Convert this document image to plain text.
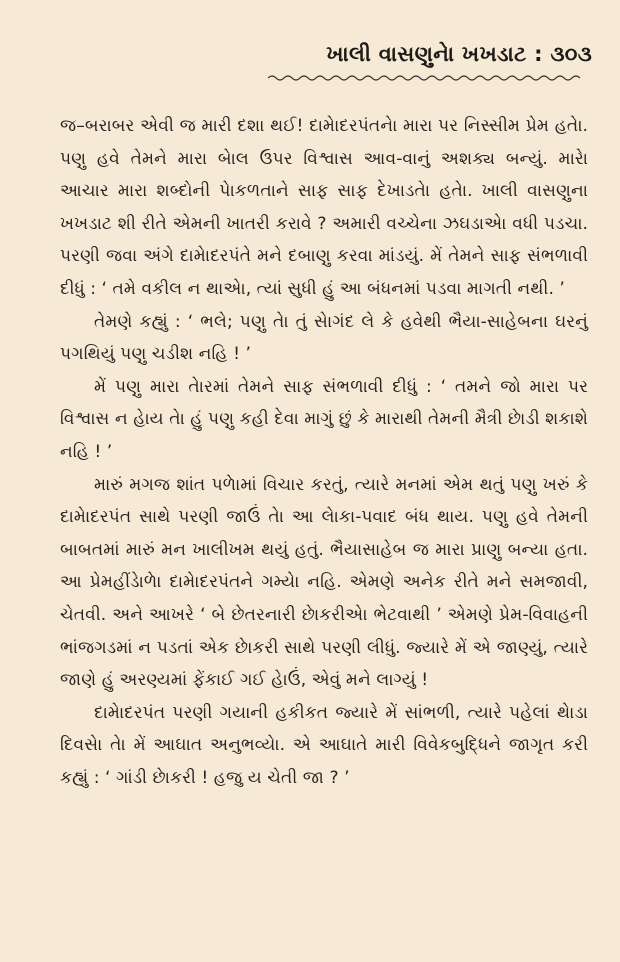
ખાલી વાસણુનેા ખખડાટ : ૩૦૩

જ–બરાબર એવી જ મારી દશા થઈ! દામેાદરપંતનેા મારા પર નિસ્સીમ પ્રેમ હતેા. પણુ હવે તેમને મારા બેાલ ઉપર વિશ્વાસ આવ-વાનું અશક્ય બન્યું. મારેા આચાર મારા શબ્દોની પેાકળતાને સાફ સાફ દેખાડતેા હતેા. ખાલી વાસણુના ખખડાટ શી રીતે એમની ખાતરી કરાવે ? અમારી વચ્ચેના ઝઘડાએા વધી પડચા. પરણી જવા અંગે દામેાદરપંતે મને દબાણુ કરવા માંડયું. મેં તેમને સાફ સંભળાવી દીધું : ‘ તમે વકીલ ન થાએા, ત્યાં સુધી હું આ બંધનમાં પડવા માગતી નથી. ’

તેમણે કહ્યું : ‘ ભલે; પણુ તેા તું સેાગંદ લે કે હવેથી ભૈયા-સાહેબના ઘરનું પગથિયું પણુ ચડીશ નહિ ! ’

મેં પણુ મારા તેારમાં તેમને સાફ સંભળાવી દીધું : ‘ તમને જો મારા પર વિશ્વાસ ન હેાય તેા હું પણુ કહી દેવા માગું છું કે મારાથી તેમની મૈત્રી છેાડી શકાશે નહિ ! ’

મારું મગજ શાંત પળેામાં વિચાર કરતું, ત્યારે મનમાં એમ થતું પણુ ખરું કે દામેાદરપંત સાથે પરણી જાઉં તેા આ લેાકા-પવાદ બંધ થાય. પણુ હવે તેમની બાબતમાં મારું મન ખાલીખમ થયું હતું. ભૈયાસાહેબ જ મારા પ્રાણુ બન્યા હતા. આ પ્રેમહીંડેાળેા દામેાદરપંતને ગમ્યેા નહિ. એમણે અનેક રીતે મને સમજાવી, ચેતવી. અને આખરે ‘ બે છેતરનારી છેાકરીએા ભેટવાથી ’ એમણે પ્રેમ-વિવાહની ભાંજગડમાં ન પડતાં એક છેાકરી સાથે પરણી લીધું. જ્યારે મેં એ જાણ્યું, ત્યારે જાણે હું અરણ્યમાં ફેંકાઈ ગઈ હેાઉં, એવું મને લાગ્યું !

દામેાદરપંત પરણી ગયાની હકીકત જ્યારે મેં સાંભળી, ત્યારે પહેલાં થેાડા દિવસેા તેા મેં આઘાત અનુભવ્યેા. એ આઘાતે મારી વિવેકબુદ્ધિને જાગૃત કરી કહ્યું : ‘ ગાંડી છેાકરી ! હજુ ય ચેતી જા ? ’
